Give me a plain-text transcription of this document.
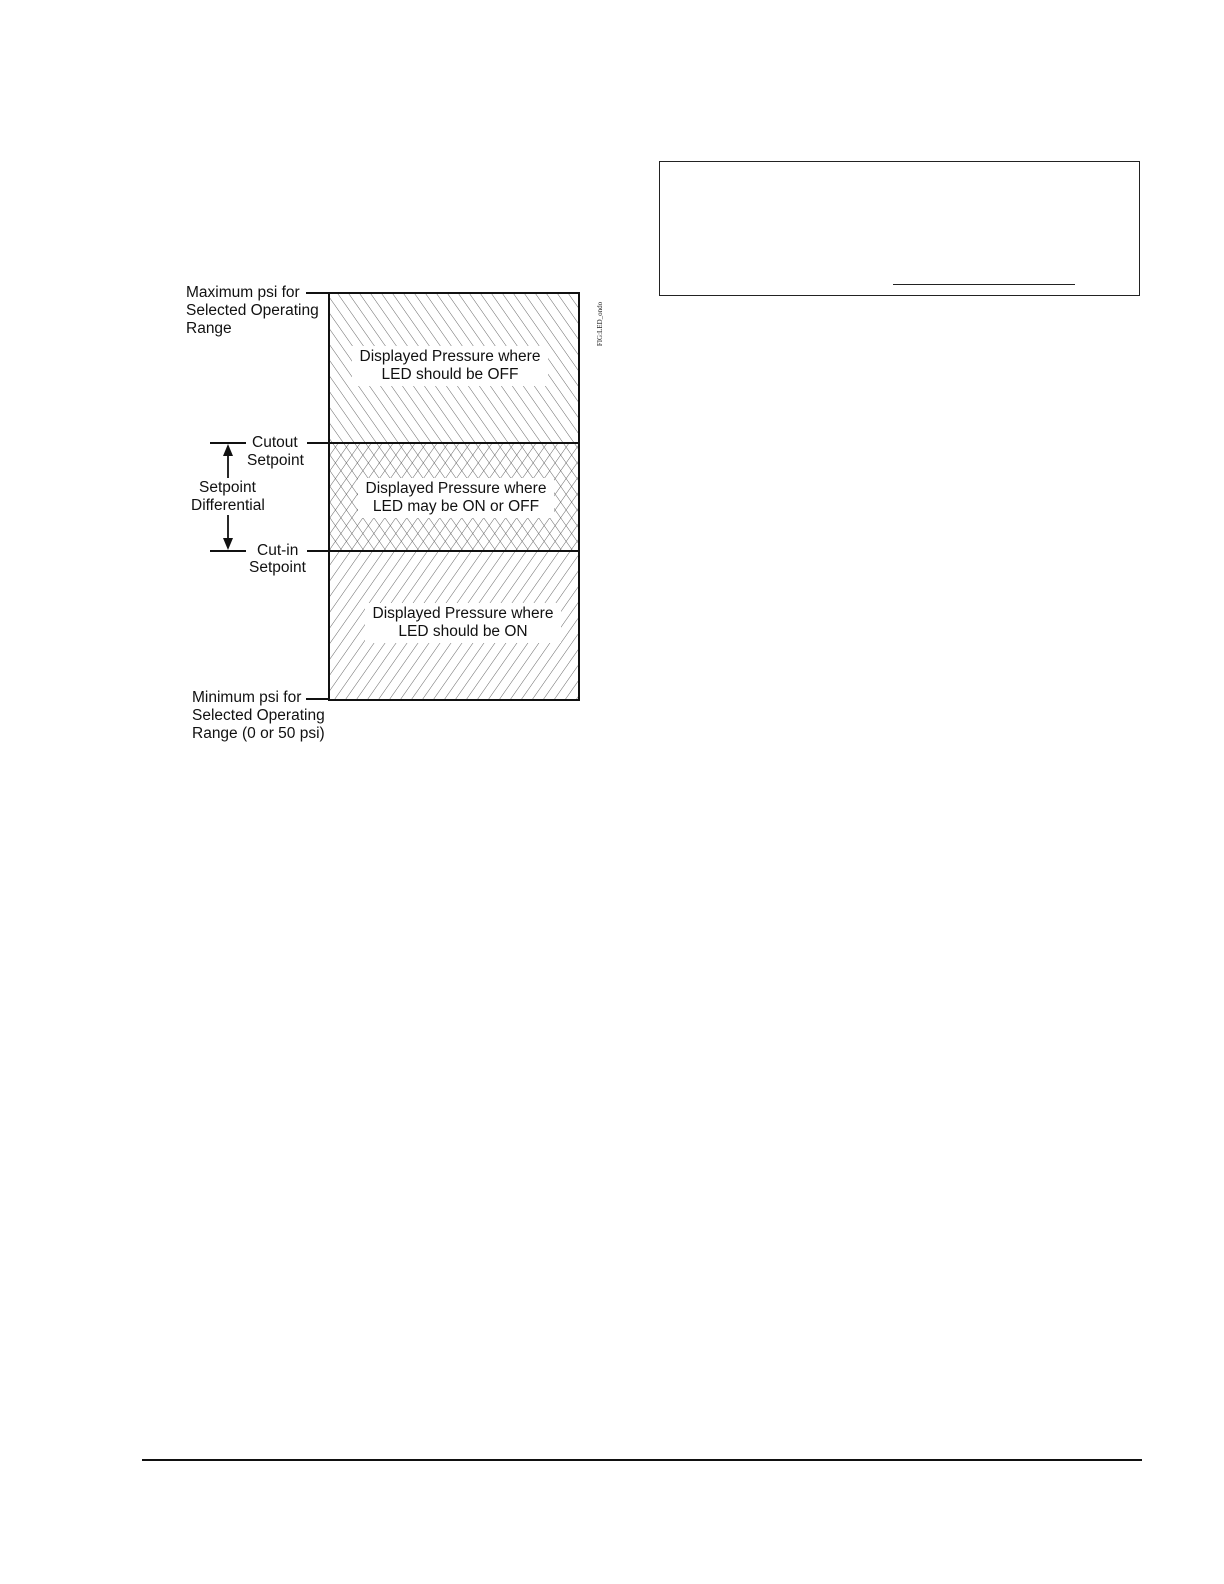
Maximum psi for
Selected Operating
Range
Cutout
Setpoint
Setpoint
Differential
Cut-in
Setpoint
Minimum psi for
Selected Operating
Range (0 or 50 psi)
Displayed Pressure where
LED should be OFF
Displayed Pressure where
LED may be ON or OFF
Displayed Pressure where
LED should be ON
FIG:LED_ondo
